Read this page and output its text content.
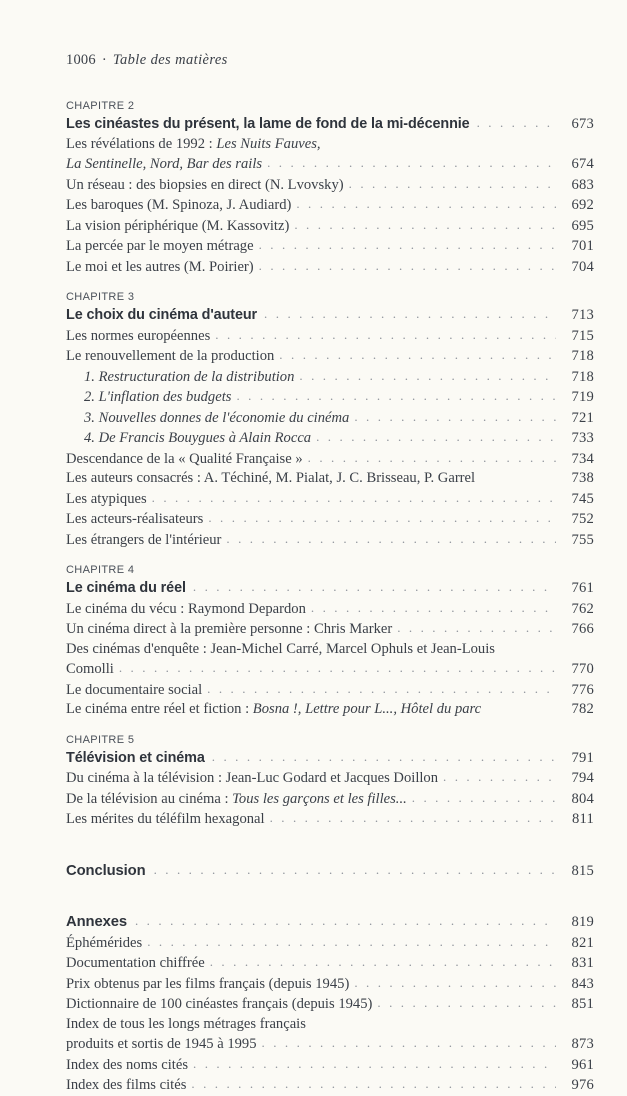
1006 · Table des matières
CHAPITRE 2
Les cinéastes du présent, la lame de fond de la mi-décennie . . .	673
Les révélations de 1992 : Les Nuits Fauves,
La Sentinelle, Nord, Bar des rails . . .	674
Un réseau : des biopsies en direct (N. Lvovsky) . . .	683
Les baroques (M. Spinoza, J. Audiard) . . .	692
La vision périphérique (M. Kassovitz) . . .	695
La percée par le moyen métrage . . .	701
Le moi et les autres (M. Poirier) . . .	704
CHAPITRE 3
Le choix du cinéma d'auteur . . .	713
Les normes européennes . . .	715
Le renouvellement de la production . . .	718
1. Restructuration de la distribution . . .	718
2. L'inflation des budgets . . .	719
3. Nouvelles donnes de l'économie du cinéma . . .	721
4. De Francis Bouygues à Alain Rocca . . .	733
Descendance de la « Qualité Française » . . .	734
Les auteurs consacrés : A. Téchiné, M. Pialat, J. C. Brisseau, P. Garrel	738
Les atypiques . . .	745
Les acteurs-réalisateurs . . .	752
Les étrangers de l'intérieur . . .	755
CHAPITRE 4
Le cinéma du réel . . .	761
Le cinéma du vécu : Raymond Depardon . . .	762
Un cinéma direct à la première personne : Chris Marker . . .	766
Des cinémas d'enquête : Jean-Michel Carré, Marcel Ophuls et Jean-Louis
Comolli . . .	770
Le documentaire social . . .	776
Le cinéma entre réel et fiction : Bosna !, Lettre pour L..., Hôtel du parc	782
CHAPITRE 5
Télévision et cinéma . . .	791
Du cinéma à la télévision : Jean-Luc Godard et Jacques Doillon . . .	794
De la télévision au cinéma : Tous les garçons et les filles... . . .	804
Les mérites du téléfilm hexagonal . . .	811
Conclusion . . .	815
Annexes . . .	819
Éphémérides . . .	821
Documentation chiffrée . . .	831
Prix obtenus par les films français (depuis 1945) . . .	843
Dictionnaire de 100 cinéastes français (depuis 1945) . . .	851
Index de tous les longs métrages français
produits et sortis de 1945 à 1995 . . .	873
Index des noms cités . . .	961
Index des films cités . . .	976
